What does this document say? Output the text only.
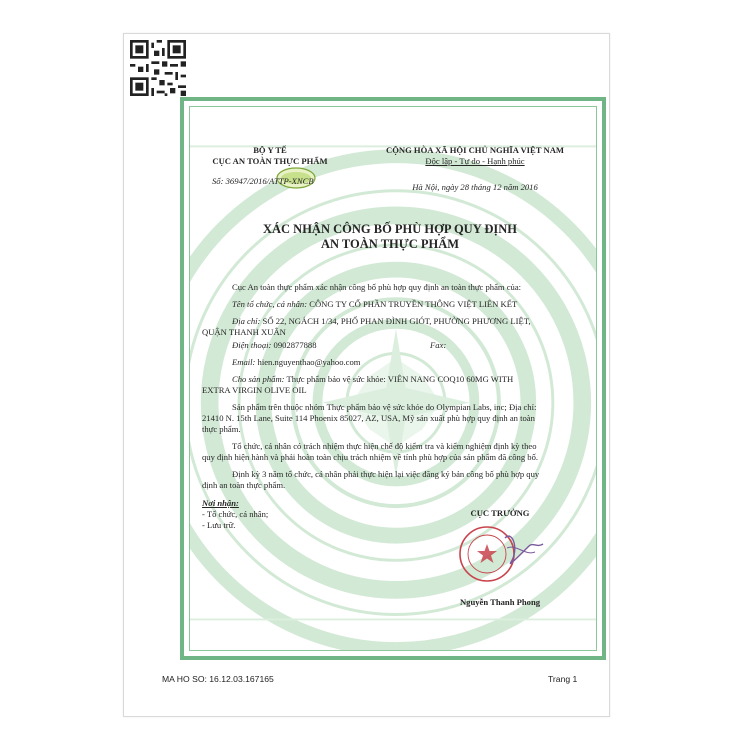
BỘ Y TẾ
CỤC AN TOÀN THỰC PHẨM
Số: 36947/2016/ATTP-XNCB
CỘNG HÒA XÃ HỘI CHỦ NGHĨA VIỆT NAM
Độc lập - Tự do - Hạnh phúc
Hà Nội, ngày 28 tháng 12 năm 2016
XÁC NHẬN CÔNG BỐ PHÙ HỢP QUY ĐỊNH
AN TOÀN THỰC PHẨM
Cục An toàn thực phẩm xác nhận công bố phù hợp quy định an toàn thực phẩm của:
Tên tổ chức, cá nhân: CÔNG TY CỔ PHẦN TRUYỀN THÔNG VIỆT LIÊN KẾT
Địa chỉ: SỐ 22, NGÁCH 1/34, PHỐ PHAN ĐÌNH GIÓT, PHƯỜNG PHƯƠNG LIỆT,
QUẬN THANH XUÂN
Điện thoại: 0902877888	Fax:
Email: hien.nguyenthao@yahoo.com
Cho sản phẩm: Thực phẩm bảo vệ sức khỏe: VIÊN NANG COQ10 60MG WITH
EXTRA VIRGIN OLIVE OIL
Sản phẩm trên thuộc nhóm Thực phẩm bảo vệ sức khỏe do Olympian Labs, inc; Địa chỉ:
21410 N. 15th Lane, Suite 114 Phoenix 85027, AZ, USA, Mỹ sản xuất phù hợp quy định an toàn
thực phẩm.
Tổ chức, cá nhân có trách nhiệm thực hiện chế độ kiểm tra và kiểm nghiệm định kỳ theo
quy định hiện hành và phải hoàn toàn chịu trách nhiệm về tính phù hợp của sản phẩm đã công bố.
Định kỳ 3 năm tổ chức, cá nhân phải thực hiện lại việc đăng ký bản công bố phù hợp quy
định an toàn thực phẩm.
Nơi nhận:
- Tổ chức, cá nhân;
- Lưu trữ.
CỤC TRƯỞNG
Nguyễn Thanh Phong
MA HO SO: 16.12.03.167165	Trang 1
